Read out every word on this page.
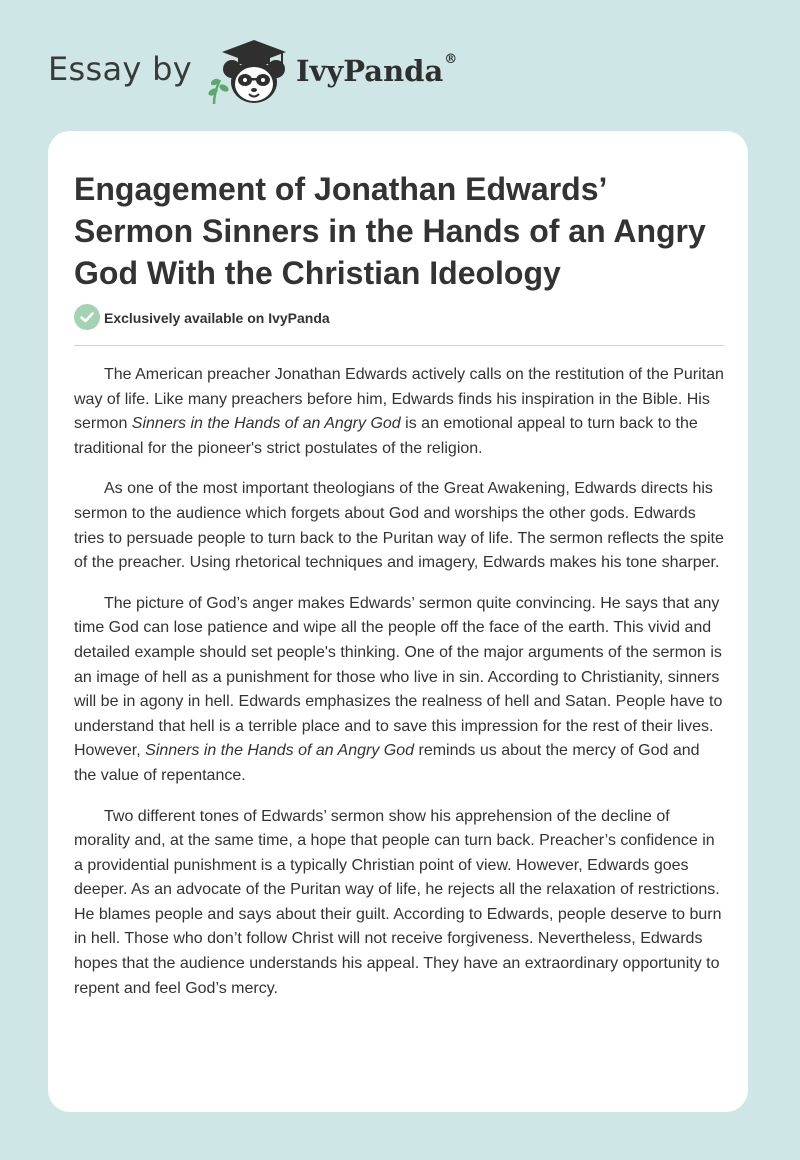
Essay by	IvyPanda®
Engagement of Jonathan Edwards’ Sermon Sinners in the Hands of an Angry God With the Christian Ideology
Exclusively available on IvyPanda

The American preacher Jonathan Edwards actively calls on the restitution of the Puritan way of life. Like many preachers before him, Edwards finds his inspiration in the Bible. His sermon Sinners in the Hands of an Angry God is an emotional appeal to turn back to the traditional for the pioneer's strict postulates of the religion.

As one of the most important theologians of the Great Awakening, Edwards directs his sermon to the audience which forgets about God and worships the other gods. Edwards tries to persuade people to turn back to the Puritan way of life. The sermon reflects the spite of the preacher. Using rhetorical techniques and imagery, Edwards makes his tone sharper.

The picture of God’s anger makes Edwards’ sermon quite convincing. He says that any time God can lose patience and wipe all the people off the face of the earth. This vivid and detailed example should set people's thinking. One of the major arguments of the sermon is an image of hell as a punishment for those who live in sin. According to Christianity, sinners will be in agony in hell. Edwards emphasizes the realness of hell and Satan. People have to understand that hell is a terrible place and to save this impression for the rest of their lives. However, Sinners in the Hands of an Angry God reminds us about the mercy of God and the value of repentance.

Two different tones of Edwards’ sermon show his apprehension of the decline of morality and, at the same time, a hope that people can turn back. Preacher’s confidence in a providential punishment is a typically Christian point of view. However, Edwards goes deeper. As an advocate of the Puritan way of life, he rejects all the relaxation of restrictions. He blames people and says about their guilt. According to Edwards, people deserve to burn in hell. Those who don’t follow Christ will not receive forgiveness. Nevertheless, Edwards hopes that the audience understands his appeal. They have an extraordinary opportunity to repent and feel God’s mercy.
